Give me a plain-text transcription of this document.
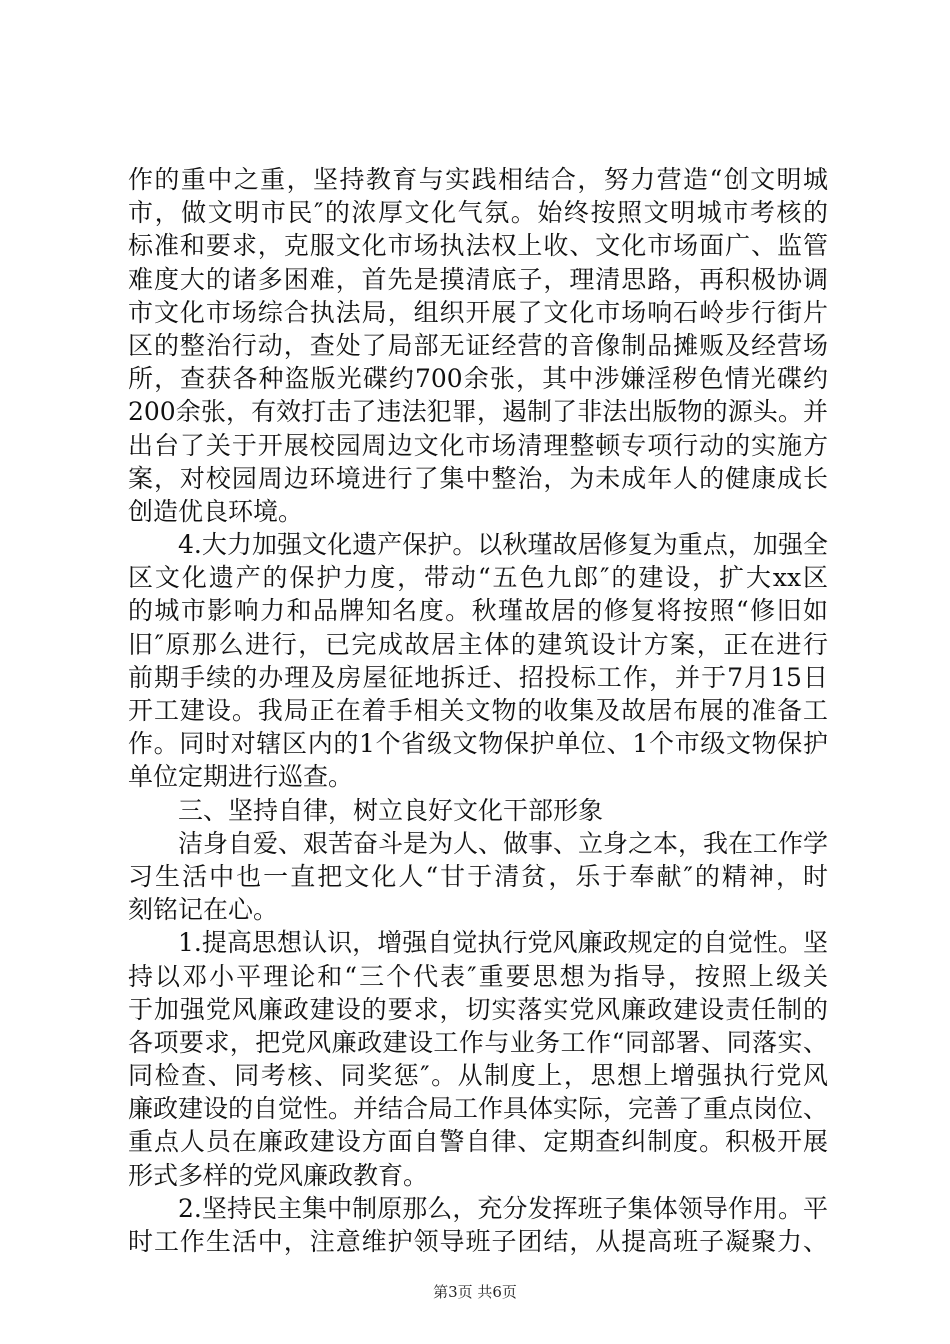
作的重中之重，坚持教育与实践相结合，努力营造“创文明城
市，做文明市民″的浓厚文化气氛。始终按照文明城市考核的
标准和要求，克服文化市场执法权上收、文化市场面广、监管
难度大的诸多困难，首先是摸清底子，理清思路，再积极协调
市文化市场综合执法局，组织开展了文化市场响石岭步行街片
区的整治行动，查处了局部无证经营的音像制品摊贩及经营场
所，查获各种盗版光碟约700余张，其中涉嫌淫秽色情光碟约
200余张，有效打击了违法犯罪，遏制了非法出版物的源头。并
出台了关于开展校园周边文化市场清理整顿专项行动的实施方
案，对校园周边环境进行了集中整治，为未成年人的健康成长
创造优良环境。
4.大力加强文化遗产保护。以秋瑾故居修复为重点，加强全
区文化遗产的保护力度，带动“五色九郎″的建设，扩大xx区
的城市影响力和品牌知名度。秋瑾故居的修复将按照“修旧如
旧″原那么进行，已完成故居主体的建筑设计方案，正在进行
前期手续的办理及房屋征地拆迁、招投标工作，并于7月15日
开工建设。我局正在着手相关文物的收集及故居布展的准备工
作。同时对辖区内的1个省级文物保护单位、1个市级文物保护
单位定期进行巡查。
三、坚持自律，树立良好文化干部形象
洁身自爱、艰苦奋斗是为人、做事、立身之本，我在工作学
习生活中也一直把文化人“甘于清贫，乐于奉献″的精神，时
刻铭记在心。
1.提高思想认识，增强自觉执行党风廉政规定的自觉性。坚
持以邓小平理论和“三个代表″重要思想为指导，按照上级关
于加强党风廉政建设的要求，切实落实党风廉政建设责任制的
各项要求，把党风廉政建设工作与业务工作“同部署、同落实、
同检查、同考核、同奖惩″。从制度上，思想上增强执行党风
廉政建设的自觉性。并结合局工作具体实际，完善了重点岗位、
重点人员在廉政建设方面自警自律、定期查纠制度。积极开展
形式多样的党风廉政教育。
2.坚持民主集中制原那么，充分发挥班子集体领导作用。平
时工作生活中，注意维护领导班子团结，从提高班子凝聚力、
第3页 共6页
